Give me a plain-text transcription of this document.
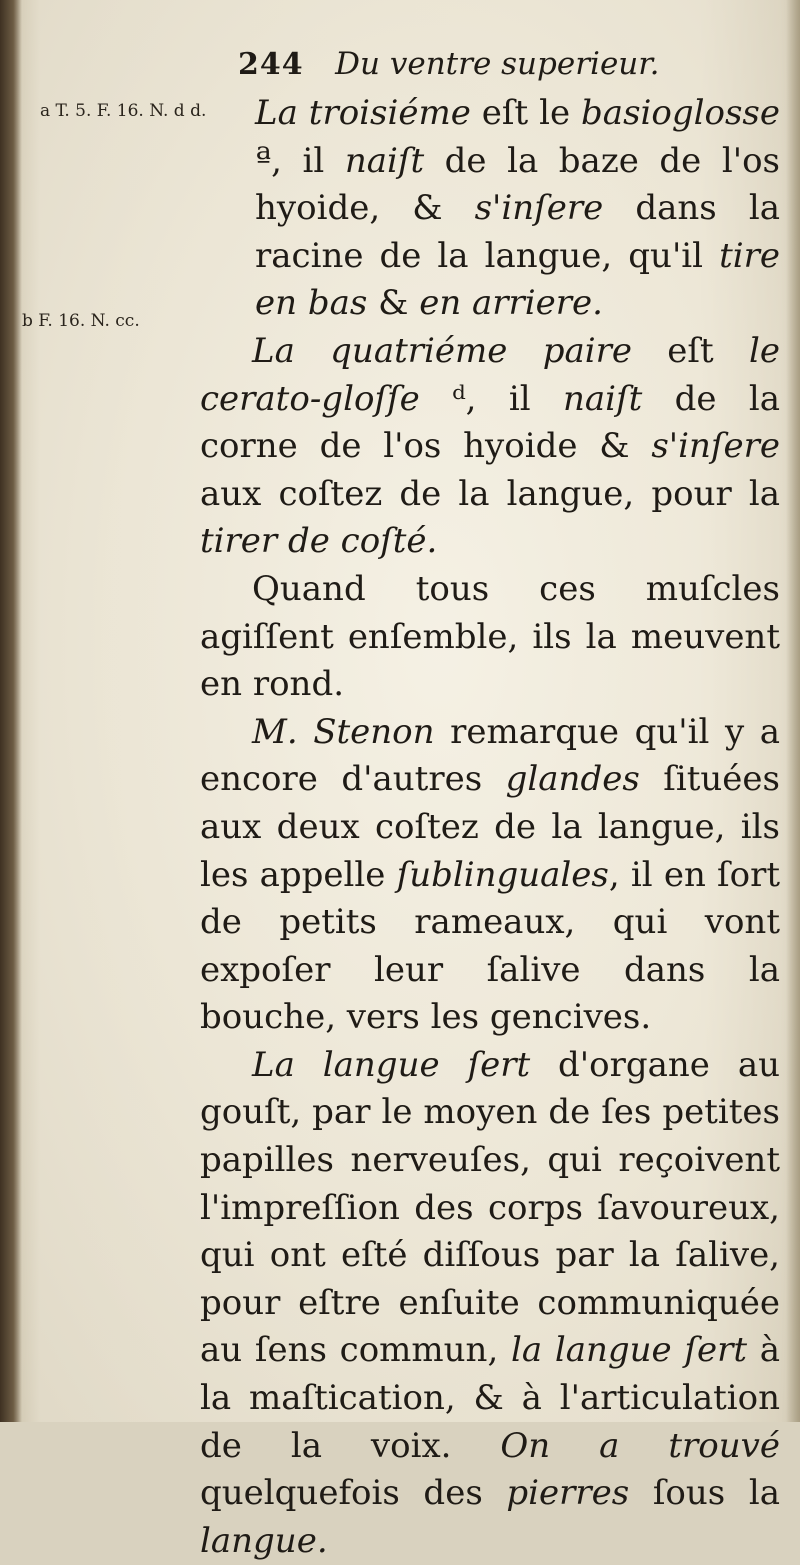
244 Du ventre superieur.
a T. 5. F. 16. N. d d.
b F. 16. N. cc.

La troisiéme eſt le basioglosse ª, il naiſt de la baze de l'os hyoide, & s'inſere dans la racine de la langue, qu'il tire en bas & en arriere.

La quatriéme paire eſt le cerato-gloſſe ᵈ, il naiſt de la corne de l'os hyoide & s'inſere aux coſtez de la langue, pour la tirer de coſté.

Quand tous ces muſcles agiſſent enſemble, ils la meuvent en rond.

M. Stenon remarque qu'il y a encore d'autres glandes ſituées aux deux coſtez de la langue, ils les appelle ſublinguales, il en ſort de petits rameaux, qui vont expoſer leur ſalive dans la bouche, vers les gencives.

La langue ſert d'organe au gouſt, par le moyen de ſes petites papilles nerveuſes, qui reçoivent l'impreſſion des corps ſavoureux, qui ont eſté diſſous par la ſalive, pour eſtre enſuite communiquée au ſens commun, la langue ſert à la maſtication, & à l'articulation de la voix. On a trouvé quelquefois des pierres ſous la langue.
